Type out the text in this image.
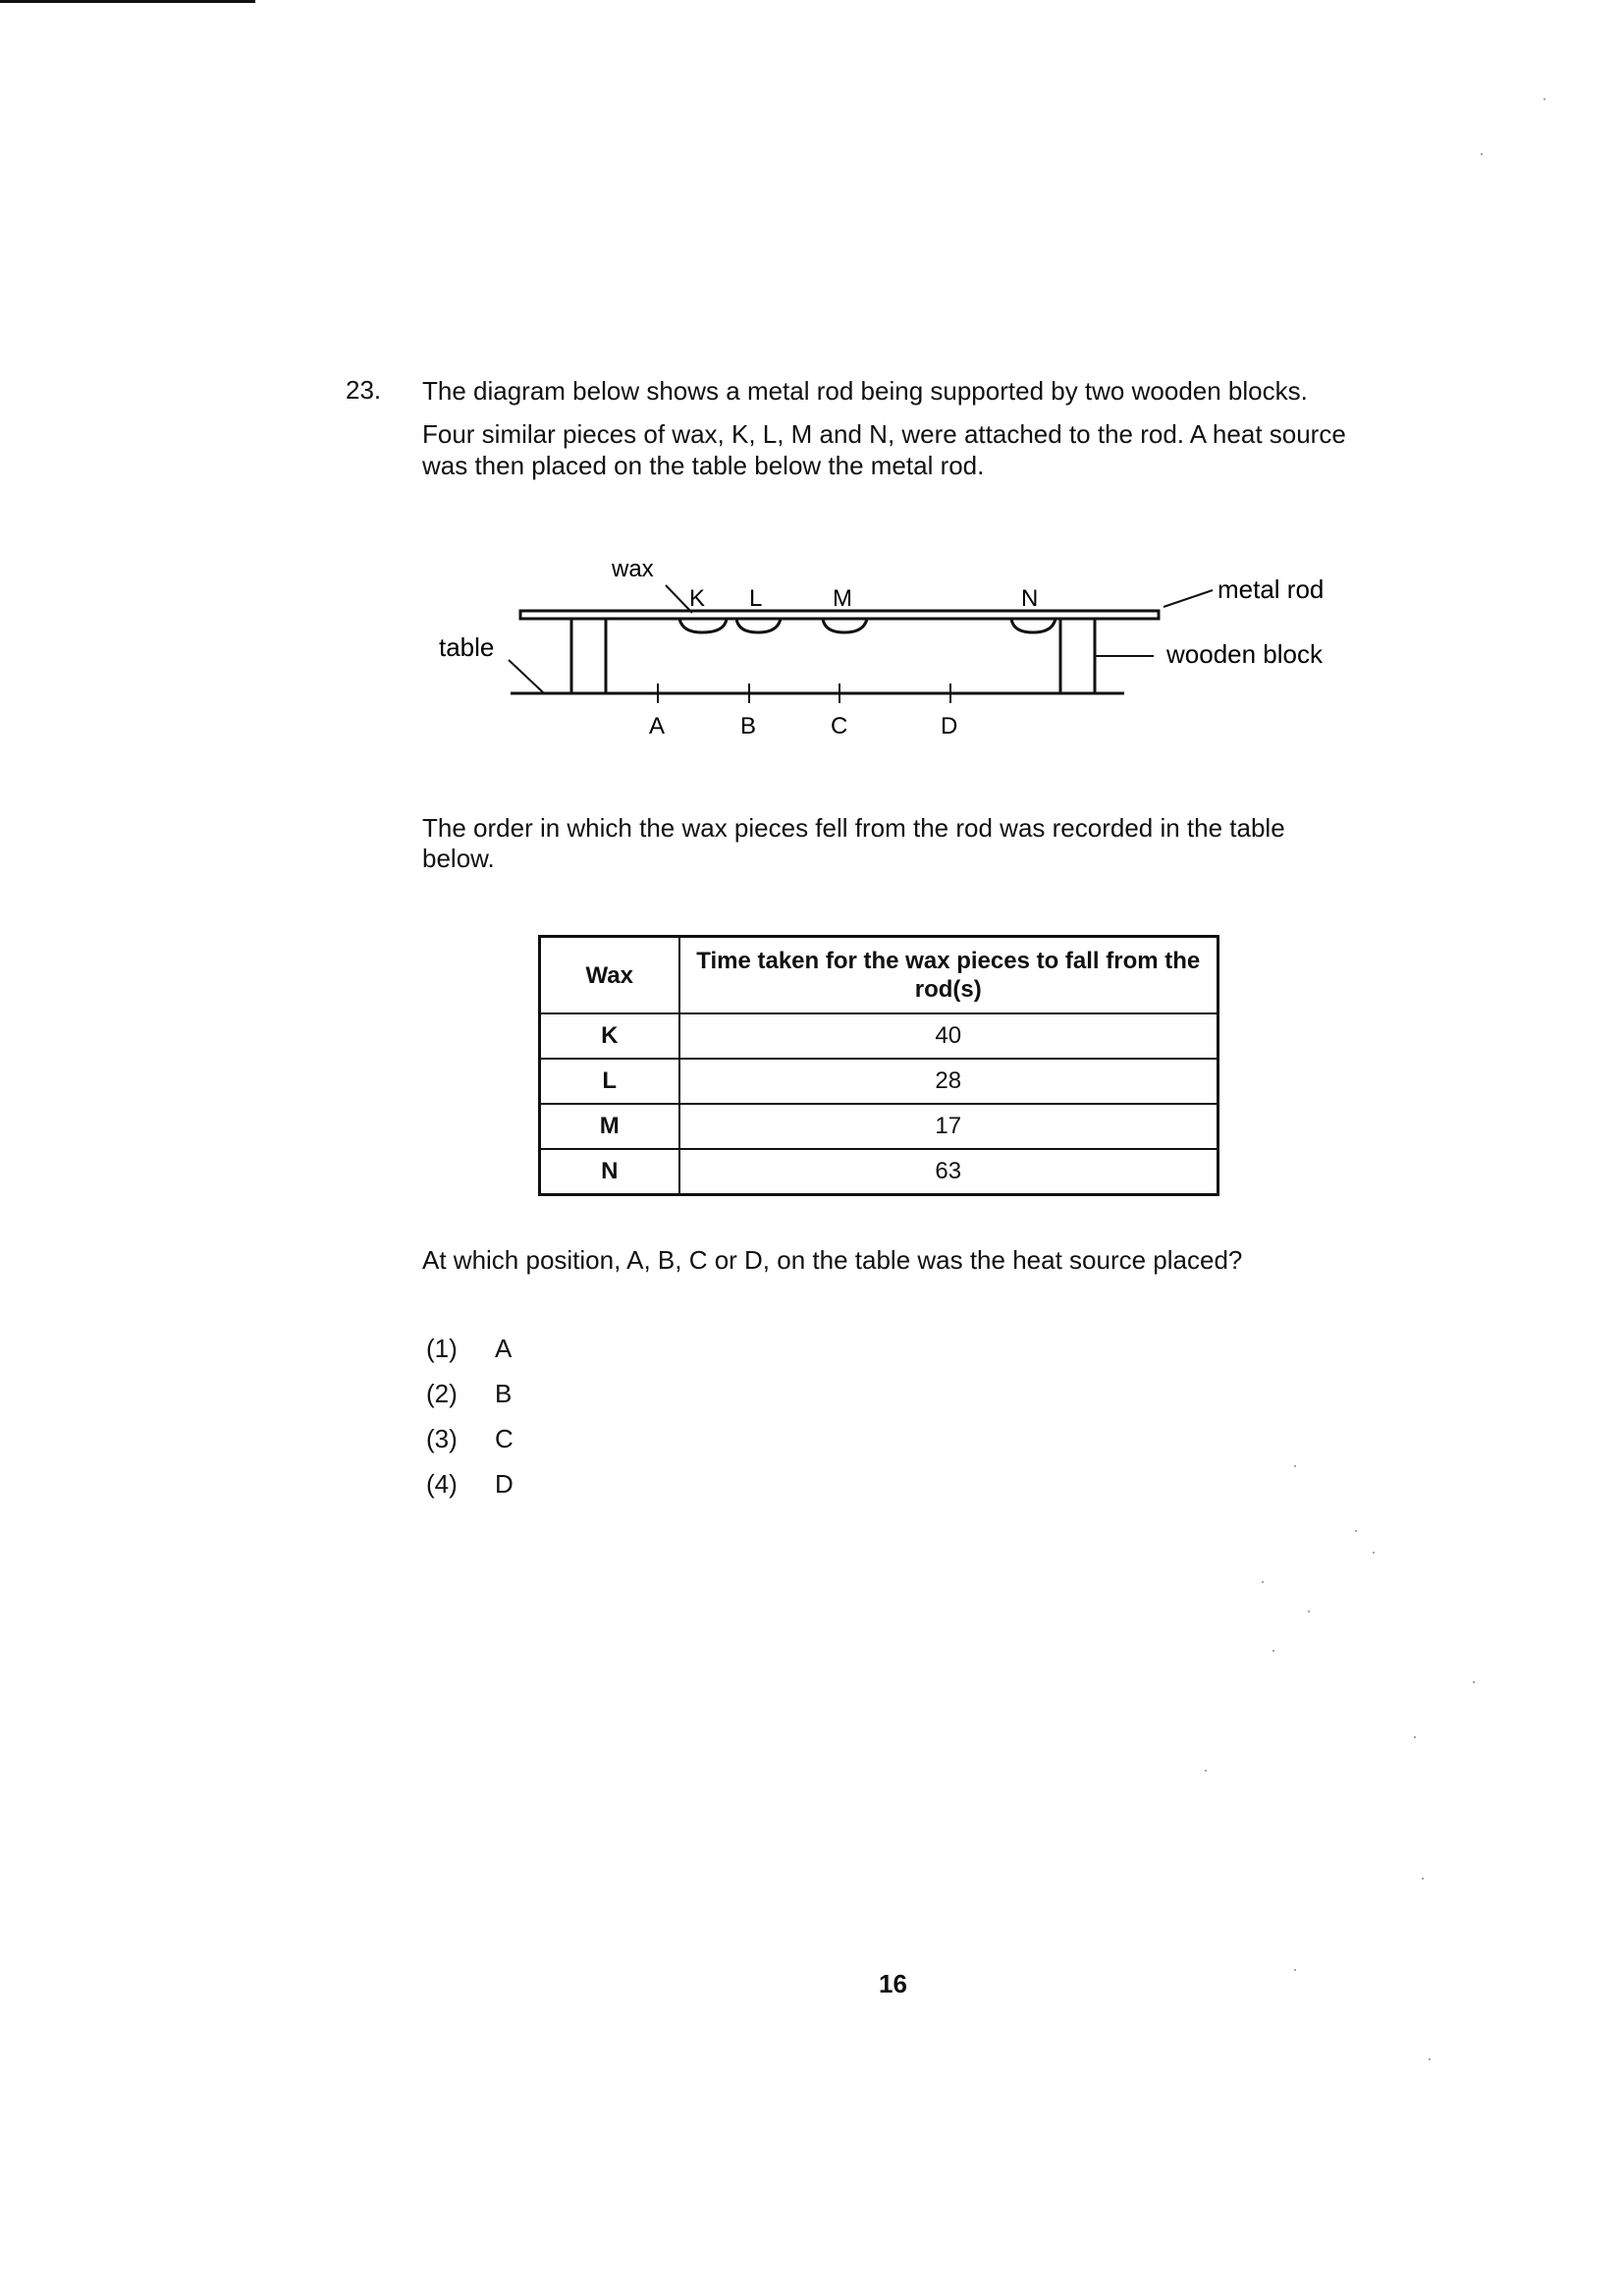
23. The diagram below shows a metal rod being supported by two wooden blocks.

Four similar pieces of wax, K, L, M and N, were attached to the rod. A heat source was then placed on the table below the metal rod.

wax
table
metal rod
wooden block
K L	M	N
A	B	C	D
The order in which the wax pieces fell from the rod was recorded in the table below.
Wax	Time taken for the wax pieces to fall from the rod(s)
K	40
L	28
M	17
N	63
At which position, A, B, C or D, on the table was the heat source placed?
(1)	A
(2)	B
(3)	C
(4)	D
16
